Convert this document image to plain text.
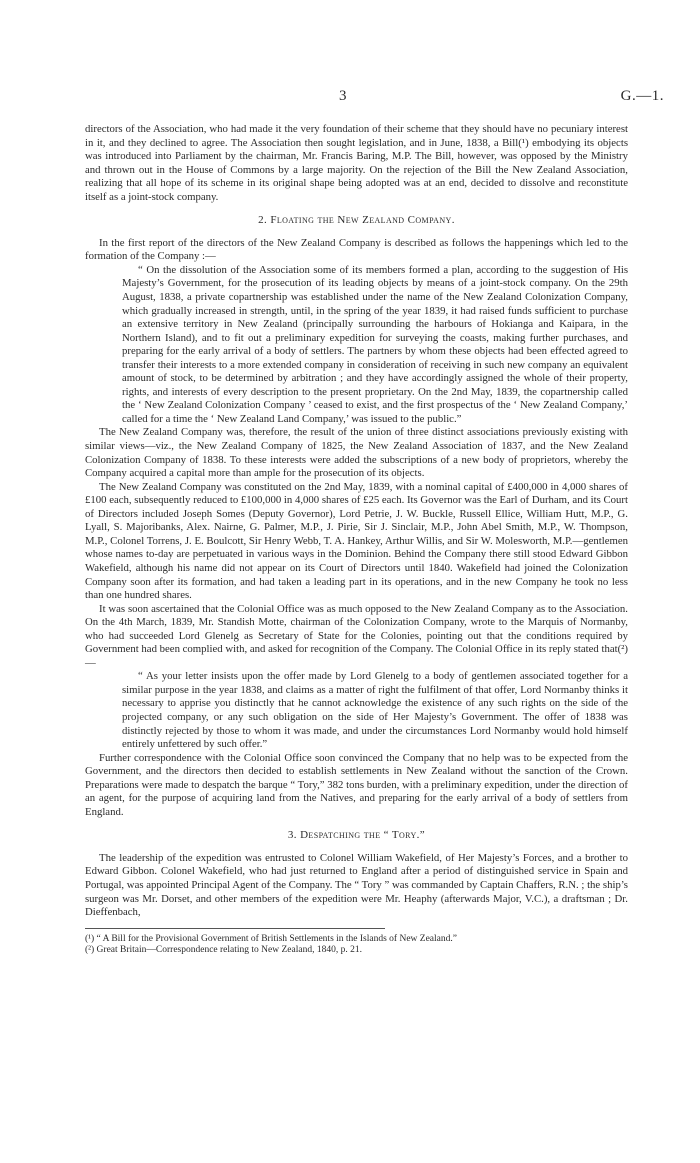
3	G.—1.

directors of the Association, who had made it the very foundation of their scheme that they should have no pecuniary interest in it, and they declined to agree. The Association then sought legislation, and in June, 1838, a Bill(¹) embodying its objects was introduced into Parliament by the chairman, Mr. Francis Baring, M.P. The Bill, however, was opposed by the Ministry and thrown out in the House of Commons by a large majority. On the rejection of the Bill the New Zealand Association, realizing that all hope of its scheme in its original shape being adopted was at an end, decided to dissolve and reconstitute itself as a joint-stock company.

2. Floating the New Zealand Company.

In the first report of the directors of the New Zealand Company is described as follows the happenings which led to the formation of the Company :—

“ On the dissolution of the Association some of its members formed a plan, according to the suggestion of His Majesty’s Government, for the prosecution of its leading objects by means of a joint-stock company. On the 29th August, 1838, a private copartnership was established under the name of the New Zealand Colonization Company, which gradually increased in strength, until, in the spring of the year 1839, it had raised funds sufficient to purchase an extensive territory in New Zealand (principally surrounding the harbours of Hokianga and Kaipara, in the Northern Island), and to fit out a preliminary expedition for surveying the coasts, making further purchases, and preparing for the early arrival of a body of settlers. The partners by whom these objects had been effected agreed to transfer their interests to a more extended company in consideration of receiving in such new company an equivalent amount of stock, to be determined by arbitration ; and they have accordingly assigned the whole of their property, rights, and interests of every description to the present proprietary. On the 2nd May, 1839, the copartnership called the ‘ New Zealand Colonization Company ’ ceased to exist, and the first prospectus of the ‘ New Zealand Company,’ called for a time the ‘ New Zealand Land Company,’ was issued to the public.”

The New Zealand Company was, therefore, the result of the union of three distinct associations previously existing with similar views—viz., the New Zealand Company of 1825, the New Zealand Association of 1837, and the New Zealand Colonization Company of 1838. To these interests were added the subscriptions of a new body of proprietors, whereby the Company acquired a capital more than ample for the prosecution of its objects.

The New Zealand Company was constituted on the 2nd May, 1839, with a nominal capital of £400,000 in 4,000 shares of £100 each, subsequently reduced to £100,000 in 4,000 shares of £25 each. Its Governor was the Earl of Durham, and its Court of Directors included Joseph Somes (Deputy Governor), Lord Petrie, J. W. Buckle, Russell Ellice, William Hutt, M.P., G. Lyall, S. Majoribanks, Alex. Nairne, G. Palmer, M.P., J. Pirie, Sir J. Sinclair, M.P., John Abel Smith, M.P., W. Thompson, M.P., Colonel Torrens, J. E. Boulcott, Sir Henry Webb, T. A. Hankey, Arthur Willis, and Sir W. Molesworth, M.P.—gentlemen whose names to-day are perpetuated in various ways in the Dominion. Behind the Company there still stood Edward Gibbon Wakefield, although his name did not appear on its Court of Directors until 1840. Wakefield had joined the Colonization Company soon after its formation, and had taken a leading part in its operations, and in the new Company he took no less than one hundred shares.

It was soon ascertained that the Colonial Office was as much opposed to the New Zealand Company as to the Association. On the 4th March, 1839, Mr. Standish Motte, chairman of the Colonization Company, wrote to the Marquis of Normanby, who had succeeded Lord Glenelg as Secretary of State for the Colonies, pointing out that the conditions required by Government had been complied with, and asked for recognition of the Company. The Colonial Office in its reply stated that(²)—

“ As your letter insists upon the offer made by Lord Glenelg to a body of gentlemen associated together for a similar purpose in the year 1838, and claims as a matter of right the fulfilment of that offer, Lord Normanby thinks it necessary to apprise you distinctly that he cannot acknowledge the existence of any such rights on the side of the projected company, or any such obligation on the side of Her Majesty’s Government. The offer of 1838 was distinctly rejected by those to whom it was made, and under the circumstances Lord Normanby would hold himself entirely unfettered by such offer.”

Further correspondence with the Colonial Office soon convinced the Company that no help was to be expected from the Government, and the directors then decided to establish settlements in New Zealand without the sanction of the Crown. Preparations were made to despatch the barque “ Tory,” 382 tons burden, with a preliminary expedition, under the direction of an agent, for the purpose of acquiring land from the Natives, and preparing for the early arrival of a body of settlers from England.

3. Despatching the “ Tory.”

The leadership of the expedition was entrusted to Colonel William Wakefield, of Her Majesty’s Forces, and a brother to Edward Gibbon. Colonel Wakefield, who had just returned to England after a period of distinguished service in Spain and Portugal, was appointed Principal Agent of the Company. The “ Tory ” was commanded by Captain Chaffers, R.N. ; the ship’s surgeon was Mr. Dorset, and other members of the expedition were Mr. Heaphy (afterwards Major, V.C.), a draftsman ; Dr. Dieffenbach,

(¹) “ A Bill for the Provisional Government of British Settlements in the Islands of New Zealand.”

(²) Great Britain—Correspondence relating to New Zealand, 1840, p. 21.
